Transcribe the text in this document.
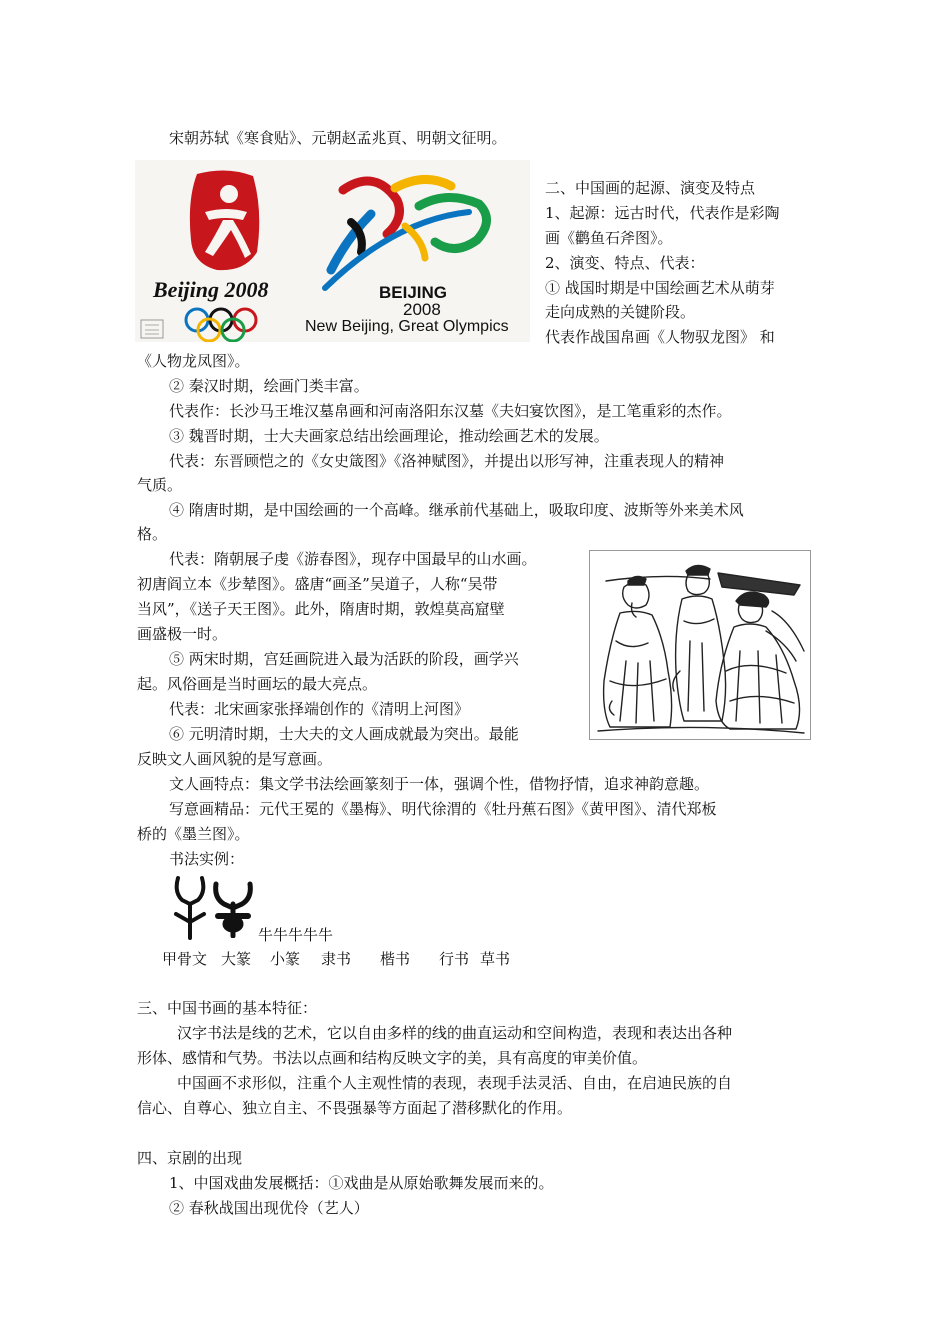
宋朝苏轼《寒食贴》、元朝赵孟兆頁、明朝文征明。
Beijing 2008	BEIJING
2008
New Beijing, Great Olympics
二、中国画的起源、演变及特点
1、起源：远古时代，代表作是彩陶
画《鹳鱼石斧图》。
2、演变、特点、代表：
① 战国时期是中国绘画艺术从萌芽
走向成熟的关键阶段。
代表作战国帛画《人物驭龙图》 和
《人物龙凤图》。
② 秦汉时期，绘画门类丰富。
代表作：长沙马王堆汉墓帛画和河南洛阳东汉墓《夫妇宴饮图》，是工笔重彩的杰作。
③ 魏晋时期，士大夫画家总结出绘画理论，推动绘画艺术的发展。
代表：东晋顾恺之的《女史箴图》《洛神赋图》，并提出以形写神，注重表现人的精神
气质。
④ 隋唐时期，是中国绘画的一个高峰。继承前代基础上，吸取印度、波斯等外来美术风
格。
代表：隋朝展子虔《游春图》，现存中国最早的山水画。
初唐阎立本《步辇图》。盛唐“画圣”吴道子，人称“吴带
当风”，《送子天王图》。此外，隋唐时期，敦煌莫高窟壁
画盛极一时。
⑤ 两宋时期，宫廷画院进入最为活跃的阶段，画学兴
起。风俗画是当时画坛的最大亮点。
代表：北宋画家张择端创作的《清明上河图》
⑥ 元明清时期，士大夫的文人画成就最为突出。最能
反映文人画风貌的是写意画。
文人画特点：集文学书法绘画篆刻于一体，强调个性，借物抒情，追求神韵意趣。
写意画精品：元代王冕的《墨梅》、明代徐渭的《牡丹蕉石图》《黄甲图》、清代郑板
桥的《墨兰图》。
书法实例：
牛牛牛牛牛
甲骨文 大篆 小篆 隶书 楷书 行书 草书
三、中国书画的基本特征：
汉字书法是线的艺术，它以自由多样的线的曲直运动和空间构造，表现和表达出各种
形体、感情和气势。书法以点画和结构反映文字的美，具有高度的审美价值。
中国画不求形似，注重个人主观性情的表现，表现手法灵活、自由，在启迪民族的自
信心、自尊心、独立自主、不畏强暴等方面起了潜移默化的作用。
四、京剧的出现
1、中国戏曲发展概括：①戏曲是从原始歌舞发展而来的。
② 春秋战国出现优伶（艺人）
